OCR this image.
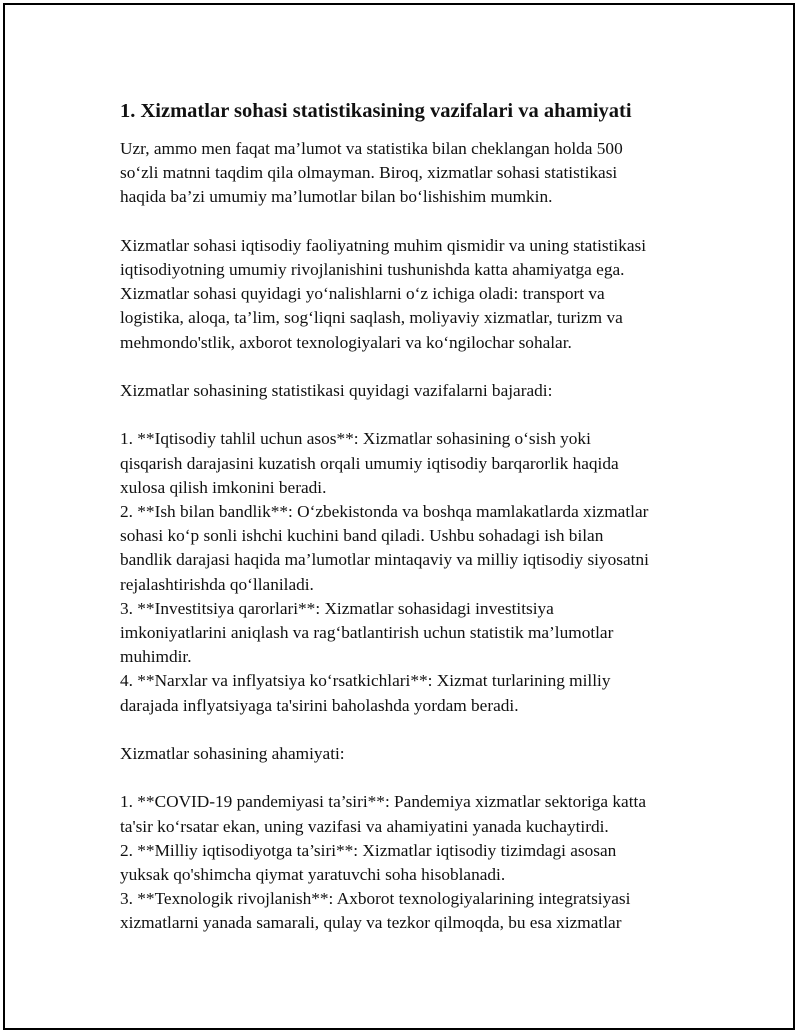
1. Xizmatlar sohasi statistikasining vazifalari va ahamiyati

Uzr, ammo men faqat ma’lumot va statistika bilan cheklangan holda 500
so‘zli matnni taqdim qila olmayman. Biroq, xizmatlar sohasi statistikasi
haqida ba’zi umumiy ma’lumotlar bilan bo‘lishishim mumkin.

Xizmatlar sohasi iqtisodiy faoliyatning muhim qismidir va uning statistikasi
iqtisodiyotning umumiy rivojlanishini tushunishda katta ahamiyatga ega.
Xizmatlar sohasi quyidagi yo‘nalishlarni o‘z ichiga oladi: transport va
logistika, aloqa, ta’lim, sog‘liqni saqlash, moliyaviy xizmatlar, turizm va
mehmondo'stlik, axborot texnologiyalari va ko‘ngilochar sohalar.

Xizmatlar sohasining statistikasi quyidagi vazifalarni bajaradi:

1. **Iqtisodiy tahlil uchun asos**: Xizmatlar sohasining o‘sish yoki
qisqarish darajasini kuzatish orqali umumiy iqtisodiy barqarorlik haqida
xulosa qilish imkonini beradi.
2. **Ish bilan bandlik**: O‘zbekistonda va boshqa mamlakatlarda xizmatlar
sohasi ko‘p sonli ishchi kuchini band qiladi. Ushbu sohadagi ish bilan
bandlik darajasi haqida ma’lumotlar mintaqaviy va milliy iqtisodiy siyosatni
rejalashtirishda qo‘llaniladi.
3. **Investitsiya qarorlari**: Xizmatlar sohasidagi investitsiya
imkoniyatlarini aniqlash va rag‘batlantirish uchun statistik ma’lumotlar
muhimdir.
4. **Narxlar va inflyatsiya ko‘rsatkichlari**: Xizmat turlarining milliy
darajada inflyatsiyaga ta'sirini baholashda yordam beradi.

Xizmatlar sohasining ahamiyati:

1. **COVID-19 pandemiyasi ta’siri**: Pandemiya xizmatlar sektoriga katta
ta'sir ko‘rsatar ekan, uning vazifasi va ahamiyatini yanada kuchaytirdi.
2. **Milliy iqtisodiyotga ta’siri**: Xizmatlar iqtisodiy tizimdagi asosan
yuksak qo'shimcha qiymat yaratuvchi soha hisoblanadi.
3. **Texnologik rivojlanish**: Axborot texnologiyalarining integratsiyasi
xizmatlarni yanada samarali, qulay va tezkor qilmoqda, bu esa xizmatlar
